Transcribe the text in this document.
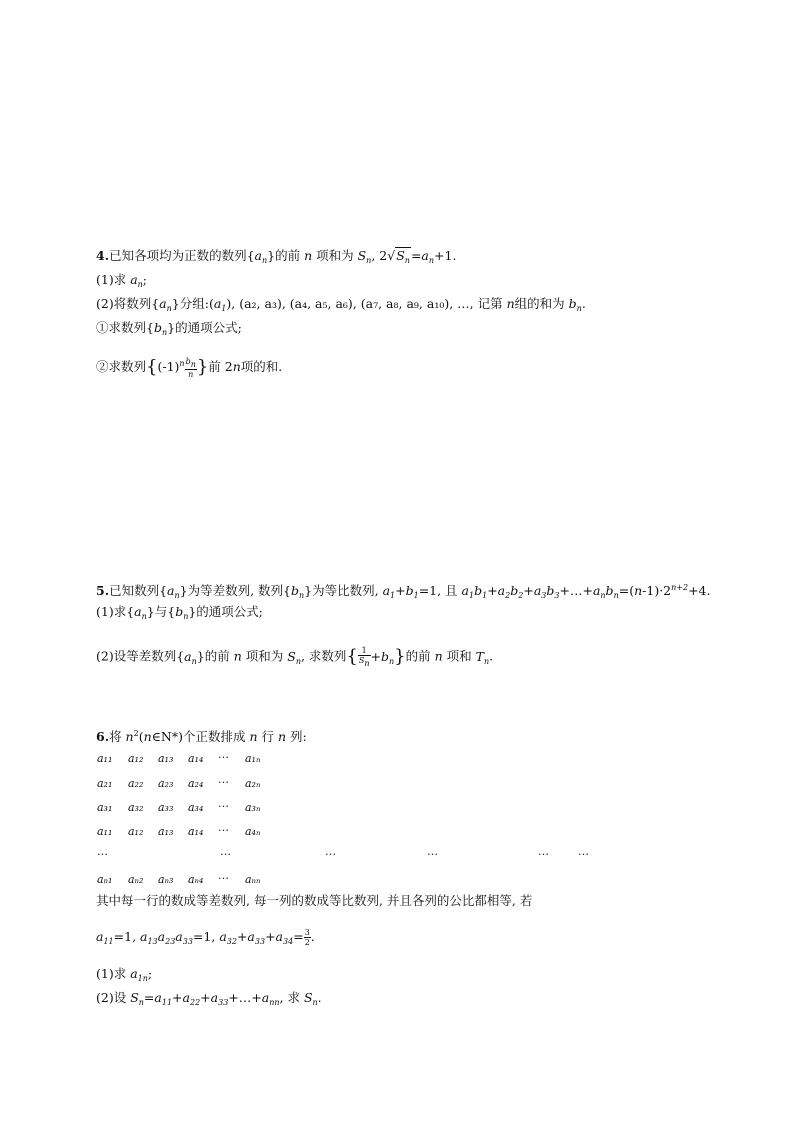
4.已知各项均为正数的数列$\{a_n\}$的前 n 项和为 $S_n$, $2√S_n=a_n+1$.
(1)求 $a_n$;
(2)将数列$\{a_n\}$分组$:(a_1)$, (a₂, a₃), (a₄, a₅, a₆), (a₇, a₈, a₉, a₁₀), …, 记第 n组的和为 $b_n$.
①求数列$\{b_n\}$的通项公式;
②求数列{$(-1)^n \frac{b_n}{n}$ }前 2n项的和.
5.已知数列$\{a_n\}$为等差数列, 数列$\{b_n\}$为等比数列, $a_1+b_1=1$, 且 $a_1b_1+a_2b_2+a_3b_3+\dots+a_nb_n=(n-1)\cdot 2^{n+2}+4$.
(1)求$\{a_n\}$与$\{b_n\}$的通项公式;
(2)设等差数列$\{a_n\}$的前 n 项和为 $S_n$, 求数列{ $\frac{1}{S_n} +b_n$}的前 n 项和 $T_n$.
6.将 $n^2(n\in N*)$个正数排成 n 行 n 列:
a₁₁ a₁₂ a₁₃ a₁₄ … a₁ₙ
a₂₁ a₂₂ a₂₃ a₂₄ … a₂ₙ
a₃₁ a₃₂ a₃₃ a₃₄ … a₃ₙ
a₁₁ a₁₂ a₁₃ a₁₄ … a₄ₙ
…	…	…	…	…	…
aₙ₁ aₙ₂ aₙ₃ aₙ₄ … aₙₙ
其中每一行的数成等差数列, 每一列的数成等比数列, 并且各列的公比都相等, 若
$a_{11}=1$, $a_{13}a_{23}a_{33}=1$, $a_{32}+a_{33}+a_{34}= \frac{3}{2}$ .
(1)求 $a_{1n}$;
(2)设 $S_n=a_{11}+a_{22}+a_{33}+\dots+a_{nn}$, 求 $S_n$.
